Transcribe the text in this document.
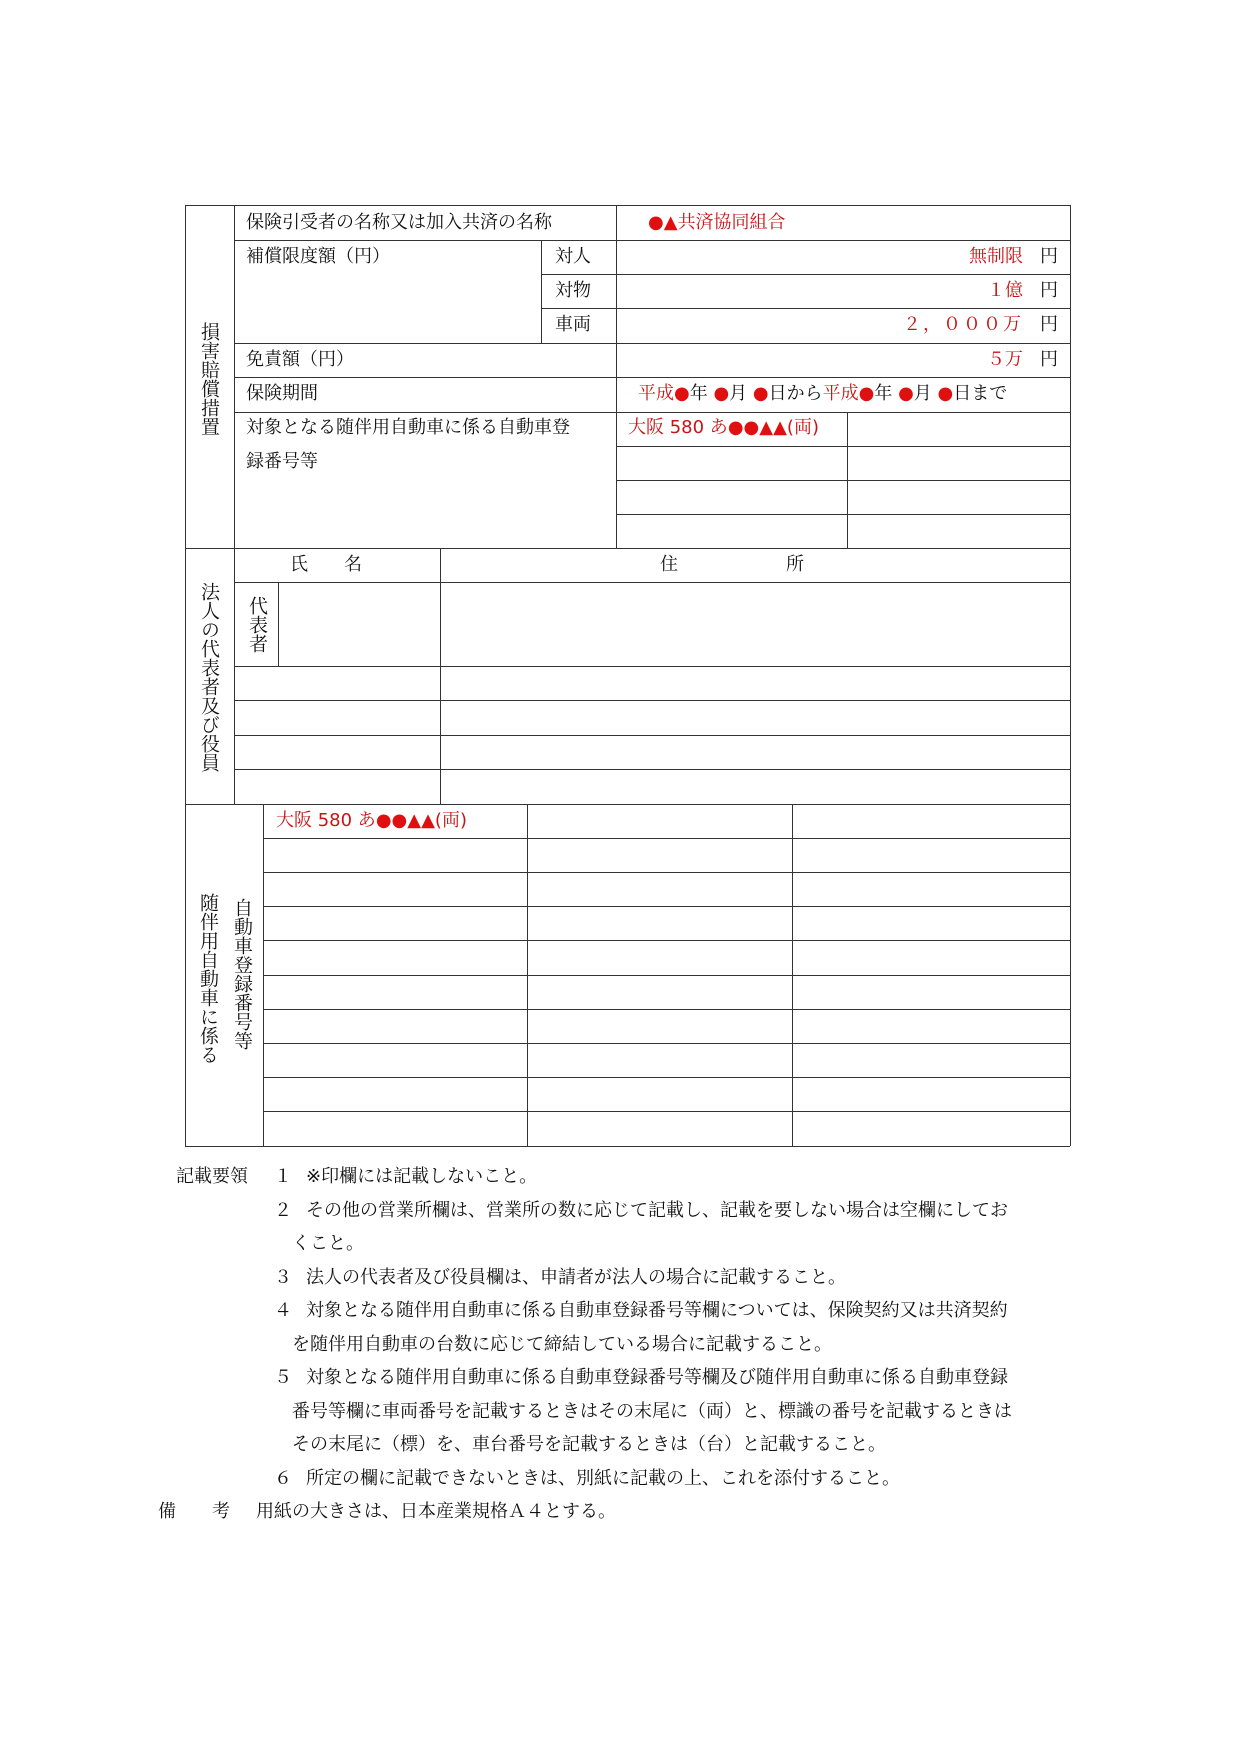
損害賠償措置
保険引受者の名称又は加入共済の名称	●▲共済協同組合
補償限度額（円）	対人	無制限 円
対物	１億 円
車両	２，０００万 円
免責額（円）	５万 円
保険期間	平成●年 ●月 ●日から平成●年 ●月 ●日まで
対象となる随伴用自動車に係る自動車登
録番号等
大阪 580 あ●●▲▲(両)
法人の代表者及び役員
氏　　名	住　　　　　　所
代表者
随伴用自動車に係る 自動車登録番号等
大阪 580 あ●●▲▲(両)
記載要領	１ ※印欄には記載しないこと。
２ その他の営業所欄は、営業所の数に応じて記載し、記載を要しない場合は空欄にしてお
くこと。
３ 法人の代表者及び役員欄は、申請者が法人の場合に記載すること。
４ 対象となる随伴用自動車に係る自動車登録番号等欄については、保険契約又は共済契約
を随伴用自動車の台数に応じて締結している場合に記載すること。
５ 対象となる随伴用自動車に係る自動車登録番号等欄及び随伴用自動車に係る自動車登録
番号等欄に車両番号を記載するときはその末尾に（両）と、標識の番号を記載するときは
その末尾に（標）を、車台番号を記載するときは（台）と記載すること。
６ 所定の欄に記載できないときは、別紙に記載の上、これを添付すること。
備　　考	用紙の大きさは、日本産業規格Ａ４とする。
